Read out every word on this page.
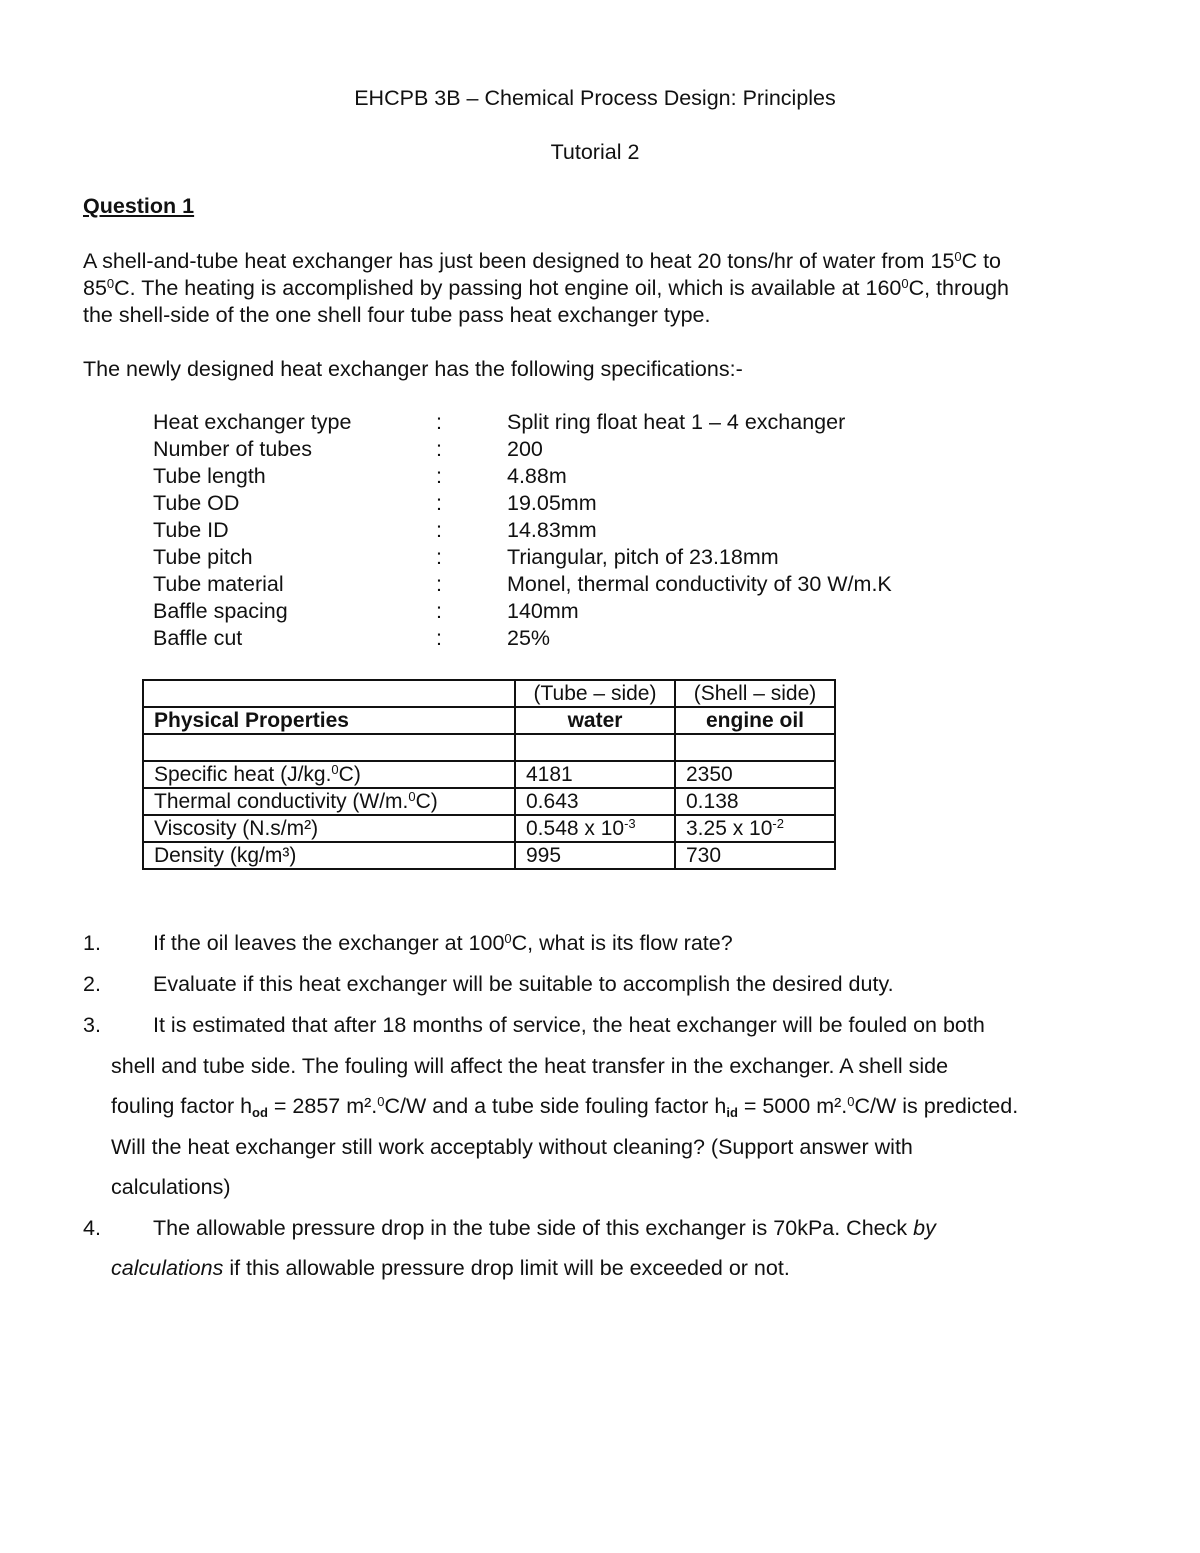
EHCPB 3B – Chemical Process Design: Principles
Tutorial 2
Question 1
A shell-and-tube heat exchanger has just been designed to heat 20 tons/hr of water from $15^0C$ to
$85^0C$. The heating is accomplished by passing hot engine oil, which is available at $160^0C$, through
the shell-side of the one shell four tube pass heat exchanger type.
The newly designed heat exchanger has the following specifications:-
Heat exchanger type	:	Split ring float heat 1 – 4 exchanger
Number of tubes	:	200
Tube length	:	4.88m
Tube OD	:	19.05mm
Tube ID	:	14.83mm
Tube pitch	:	Triangular, pitch of 23.18mm
Tube material	:	Monel, thermal conductivity of 30 W/m.K
Baffle spacing	:	140mm
Baffle cut	:	25%
	(Tube – side)	(Shell – side)
Physical Properties	water	engine oil

Specific heat (J/kg.$^0$C)	4181	2350
Thermal conductivity (W/m.$^0$C)	0.643	0.138
Viscosity (N.s/m²)	0.548 x $10^{-3}$	3.25 x $10^{-2}$
Density (kg/m³)	995	730
1. If the oil leaves the exchanger at $100^0C$, what is its flow rate?
2. Evaluate if this heat exchanger will be suitable to accomplish the desired duty.
3. It is estimated that after 18 months of service, the heat exchanger will be fouled on both
shell and tube side. The fouling will affect the heat transfer in the exchanger. A shell side
fouling factor $h_{od} = 2857$ m².$^0$C/W and a tube side fouling factor $h_{id} = 5000$ m².$^0$C/W is predicted.
Will the heat exchanger still work acceptably without cleaning? (Support answer with
calculations)
4. The allowable pressure drop in the tube side of this exchanger is 70kPa. Check by
calculations if this allowable pressure drop limit will be exceeded or not.
